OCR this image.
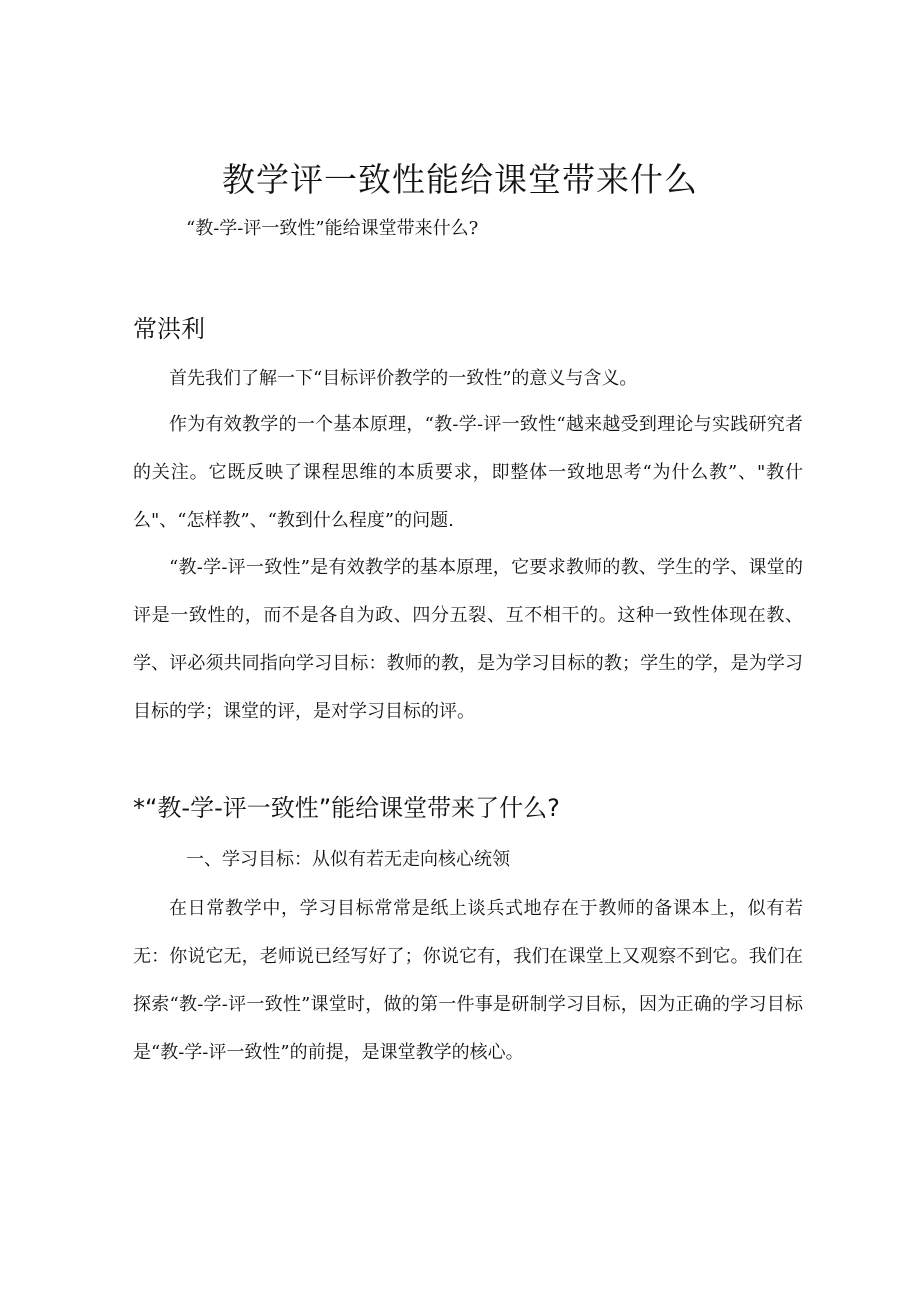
教学评一致性能给课堂带来什么
“教-学-评一致性”能给课堂带来什么?
常洪利

首先我们了解一下“目标评价教学的一致性”的意义与含义。

作为有效教学的一个基本原理，“教-学-评一致性“越来越受到理论与实践研究者的关注。它既反映了课程思维的本质要求，即整体一致地思考“为什么教”、"教什么"、“怎样教”、“教到什么程度”的问题.

“教-学-评一致性”是有效教学的基本原理，它要求教师的教、学生的学、课堂的评是一致性的，而不是各自为政、四分五裂、互不相干的。这种一致性体现在教、学、评必须共同指向学习目标：教师的教，是为学习目标的教；学生的学，是为学习目标的学；课堂的评，是对学习目标的评。

*“教-学-评一致性”能给课堂带来了什么?
一、学习目标：从似有若无走向核心统领

在日常教学中，学习目标常常是纸上谈兵式地存在于教师的备课本上，似有若无：你说它无，老师说已经写好了；你说它有，我们在课堂上又观察不到它。我们在探索“教-学-评一致性”课堂时，做的第一件事是研制学习目标，因为正确的学习目标是“教-学-评一致性”的前提，是课堂教学的核心。
